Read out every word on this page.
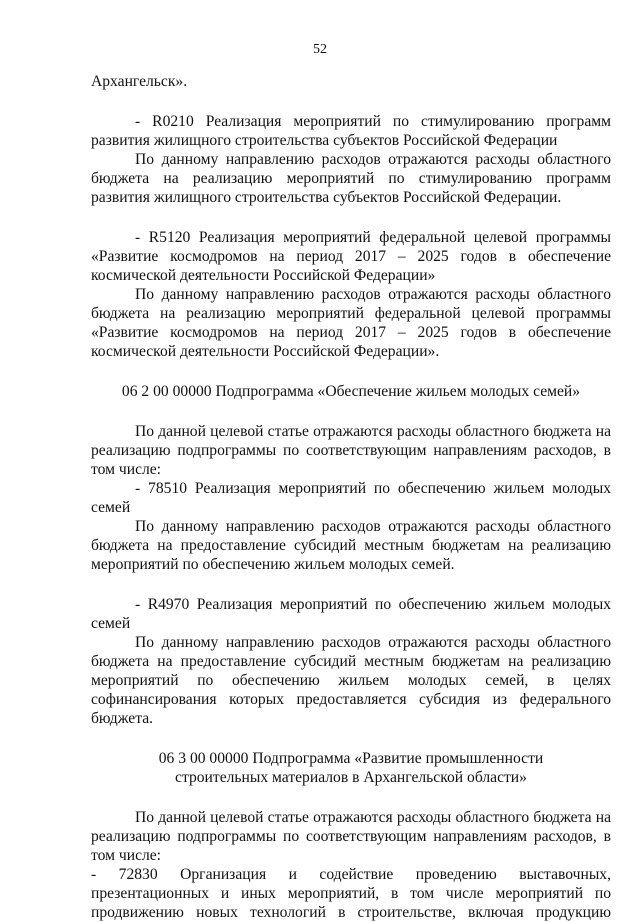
52
Архангельск».
- R0210 Реализация мероприятий по стимулированию программ
развития жилищного строительства субъектов Российской Федерации
По данному направлению расходов отражаются расходы областного
бюджета на реализацию мероприятий по стимулированию программ
развития жилищного строительства субъектов Российской Федерации.
- R5120 Реализация мероприятий федеральной целевой программы
«Развитие космодромов на период 2017 – 2025 годов в обеспечение
космической деятельности Российской Федерации»
По данному направлению расходов отражаются расходы областного
бюджета на реализацию мероприятий федеральной целевой программы
«Развитие космодромов на период 2017 – 2025 годов в обеспечение
космической деятельности Российской Федерации».
06 2 00 00000 Подпрограмма «Обеспечение жильем молодых семей»
По данной целевой статье отражаются расходы областного бюджета на
реализацию подпрограммы по соответствующим направлениям расходов, в
том числе:
- 78510 Реализация мероприятий по обеспечению жильем молодых
семей
По данному направлению расходов отражаются расходы областного
бюджета на предоставление субсидий местным бюджетам на реализацию
мероприятий по обеспечению жильем молодых семей.
- R4970 Реализация мероприятий по обеспечению жильем молодых
семей
По данному направлению расходов отражаются расходы областного
бюджета на предоставление субсидий местным бюджетам на реализацию
мероприятий по обеспечению жильем молодых семей, в целях
софинансирования которых предоставляется субсидия из федерального
бюджета.
06 3 00 00000 Подпрограмма «Развитие промышленности
строительных материалов в Архангельской области»
По данной целевой статье отражаются расходы областного бюджета на
реализацию подпрограммы по соответствующим направлениям расходов, в
том числе:
- 72830 Организация и содействие проведению выставочных,
презентационных и иных мероприятий, в том числе мероприятий по
продвижению новых технологий в строительстве, включая продукцию
